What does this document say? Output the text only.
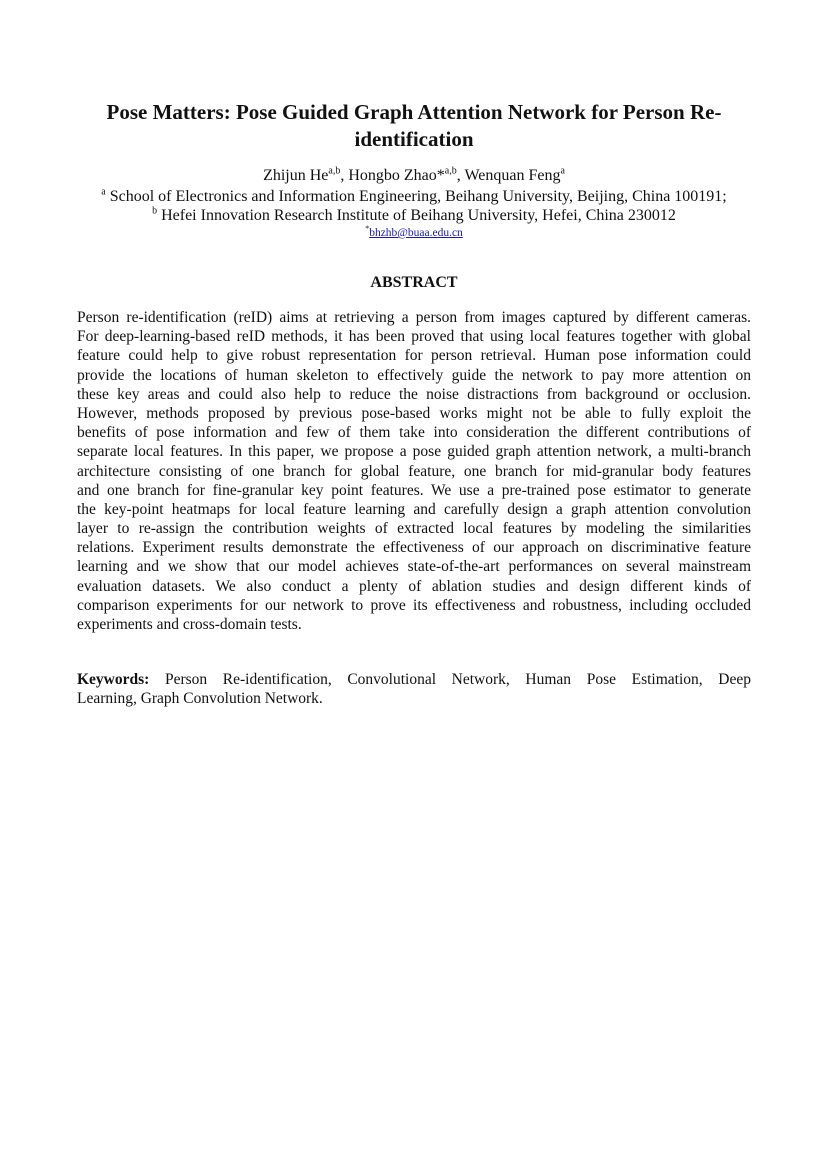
Pose Matters: Pose Guided Graph Attention Network for Person Re-
identification
Zhijun He$^{a,b}$, Hongbo Zhao*$^{a,b}$, Wenquan Feng$^a$
$^a$ School of Electronics and Information Engineering, Beihang University, Beijing, China 100191;
$^b$ Hefei Innovation Research Institute of Beihang University, Hefei, China 230012
*bhzhb@buaa.edu.cn
ABSTRACT
Person re-identification (reID) aims at retrieving a person from images captured by different cameras.
For deep-learning-based reID methods, it has been proved that using local features together with global
feature could help to give robust representation for person retrieval. Human pose information could
provide the locations of human skeleton to effectively guide the network to pay more attention on
these key areas and could also help to reduce the noise distractions from background or occlusion.
However, methods proposed by previous pose-based works might not be able to fully exploit the
benefits of pose information and few of them take into consideration the different contributions of
separate local features. In this paper, we propose a pose guided graph attention network, a multi-branch
architecture consisting of one branch for global feature, one branch for mid-granular body features
and one branch for fine-granular key point features. We use a pre-trained pose estimator to generate
the key-point heatmaps for local feature learning and carefully design a graph attention convolution
layer to re-assign the contribution weights of extracted local features by modeling the similarities
relations. Experiment results demonstrate the effectiveness of our approach on discriminative feature
learning and we show that our model achieves state-of-the-art performances on several mainstream
evaluation datasets. We also conduct a plenty of ablation studies and design different kinds of
comparison experiments for our network to prove its effectiveness and robustness, including occluded
experiments and cross-domain tests.
Keywords: Person Re-identification, Convolutional Network, Human Pose Estimation, Deep
Learning, Graph Convolution Network.
